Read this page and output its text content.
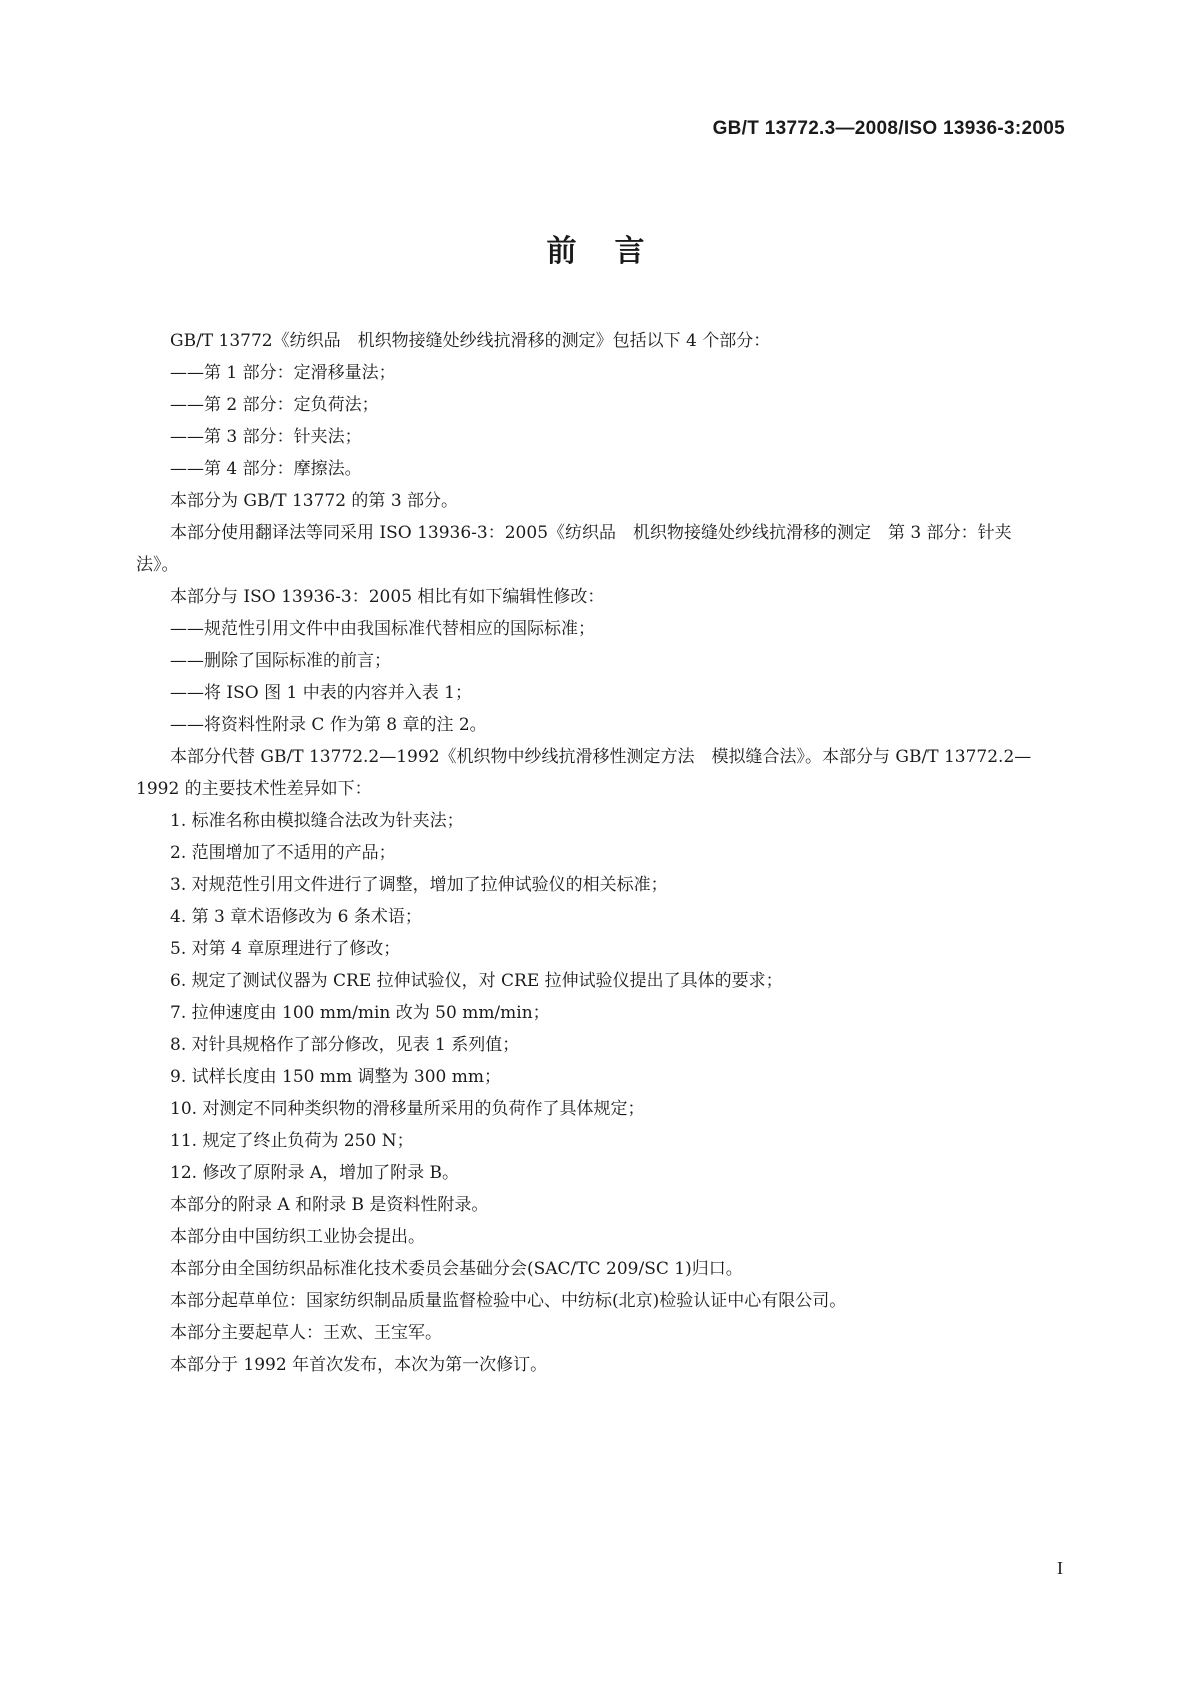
GB/T 13772.3—2008/ISO 13936-3:2005
前言

GB/T 13772《纺织品　机织物接缝处纱线抗滑移的测定》包括以下 4 个部分：

——第 1 部分：定滑移量法；

——第 2 部分：定负荷法；

——第 3 部分：针夹法；

——第 4 部分：摩擦法。

本部分为 GB/T 13772 的第 3 部分。

本部分使用翻译法等同采用 ISO 13936-3：2005《纺织品　机织物接缝处纱线抗滑移的测定　第 3 部分：针夹法》。

本部分与 ISO 13936-3：2005 相比有如下编辑性修改：

——规范性引用文件中由我国标准代替相应的国际标准；

——删除了国际标准的前言；

——将 ISO 图 1 中表的内容并入表 1；

——将资料性附录 C 作为第 8 章的注 2。

本部分代替 GB/T 13772.2—1992《机织物中纱线抗滑移性测定方法　模拟缝合法》。本部分与 GB/T 13772.2—1992 的主要技术性差异如下：

1. 标准名称由模拟缝合法改为针夹法；

2. 范围增加了不适用的产品；

3. 对规范性引用文件进行了调整，增加了拉伸试验仪的相关标准；

4. 第 3 章术语修改为 6 条术语；

5. 对第 4 章原理进行了修改；

6. 规定了测试仪器为 CRE 拉伸试验仪，对 CRE 拉伸试验仪提出了具体的要求；

7. 拉伸速度由 100 mm/min 改为 50 mm/min；

8. 对针具规格作了部分修改，见表 1 系列值；

9. 试样长度由 150 mm 调整为 300 mm；

10. 对测定不同种类织物的滑移量所采用的负荷作了具体规定；

11. 规定了终止负荷为 250 N；

12. 修改了原附录 A，增加了附录 B。

本部分的附录 A 和附录 B 是资料性附录。

本部分由中国纺织工业协会提出。

本部分由全国纺织品标准化技术委员会基础分会(SAC/TC 209/SC 1)归口。

本部分起草单位：国家纺织制品质量监督检验中心、中纺标(北京)检验认证中心有限公司。

本部分主要起草人：王欢、王宝军。

本部分于 1992 年首次发布，本次为第一次修订。

I
